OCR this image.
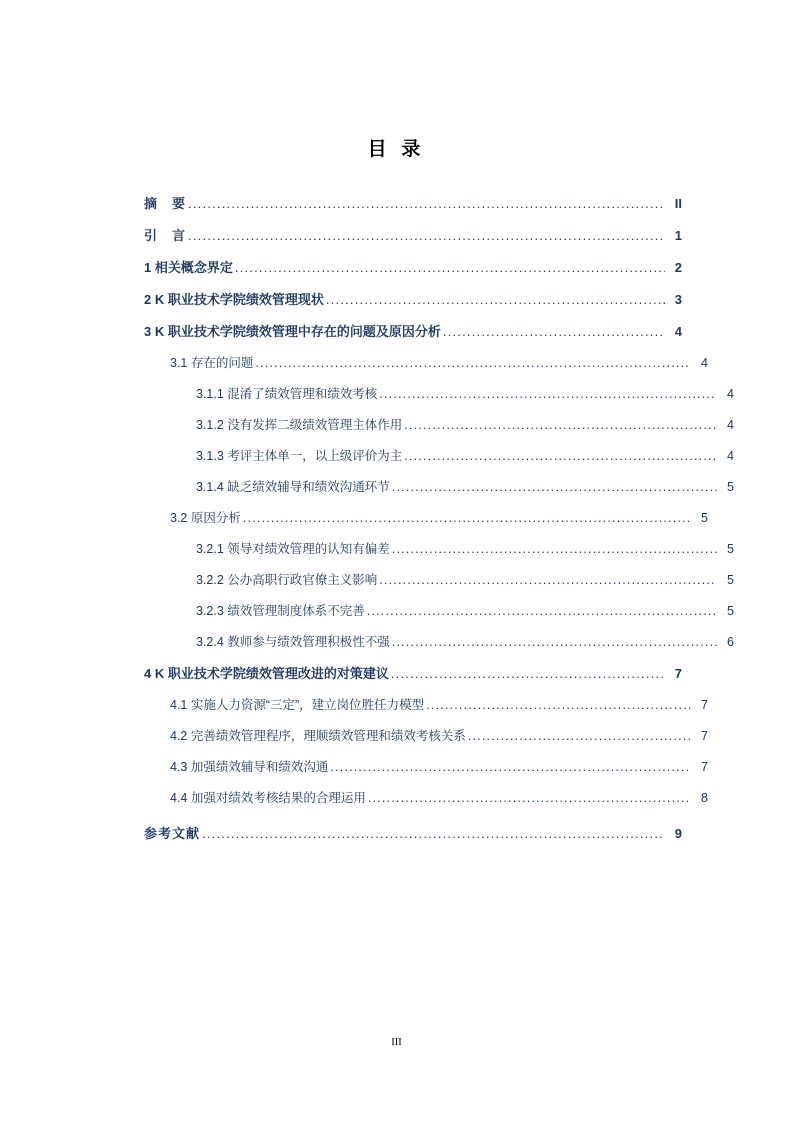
目 录
摘　要 .....	II
引　言 .....	1
1 相关概念界定 .....	2
2 K 职业技术学院绩效管理现状 .....	3
3 K 职业技术学院绩效管理中存在的问题及原因分析 .....	4
3.1 存在的问题 .....	4
3.1.1 混淆了绩效管理和绩效考核 .....	4
3.1.2 没有发挥二级绩效管理主体作用 .....	4
3.1.3 考评主体单一，以上级评价为主 .....	4
3.1.4 缺乏绩效辅导和绩效沟通环节 .....	5
3.2 原因分析 .....	5
3.2.1 领导对绩效管理的认知有偏差 .....	5
3.2.2 公办高职行政官僚主义影响 .....	5
3.2.3 绩效管理制度体系不完善 .....	5
3.2.4 教师参与绩效管理积极性不强 .....	6
4 K 职业技术学院绩效管理改进的对策建议 .....	7
4.1 实施人力资源“三定”，建立岗位胜任力模型 .....	7
4.2 完善绩效管理程序，理顺绩效管理和绩效考核关系 .....	7
4.3 加强绩效辅导和绩效沟通 .....	7
4.4 加强对绩效考核结果的合理运用 .....	8
参考文献 .....	9
III
